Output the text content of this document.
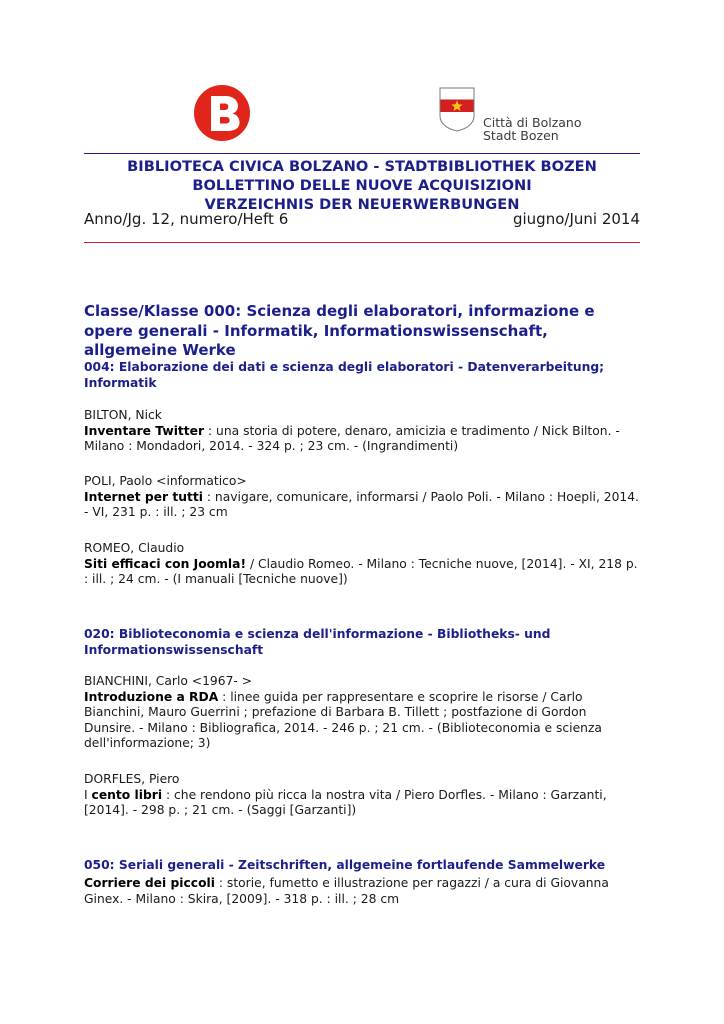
Città di Bolzano
Stadt Bozen
BIBLIOTECA CIVICA BOLZANO - STADTBIBLIOTHEK BOZEN
BOLLETTINO DELLE NUOVE ACQUISIZIONI
VERZEICHNIS DER NEUERWERBUNGEN
Anno/Jg. 12, numero/Heft 6	giugno/Juni 2014
Classe/Klasse 000: Scienza degli elaboratori, informazione e opere generali - Informatik, Informationswissenschaft, allgemeine Werke
004: Elaborazione dei dati e scienza degli elaboratori - Datenverarbeitung; Informatik
BILTON, Nick
Inventare Twitter : una storia di potere, denaro, amicizia e tradimento / Nick Bilton. - Milano : Mondadori, 2014. - 324 p. ; 23 cm. - (Ingrandimenti)
POLI, Paolo <informatico>
Internet per tutti : navigare, comunicare, informarsi / Paolo Poli. - Milano : Hoepli, 2014. - VI, 231 p. : ill. ; 23 cm
ROMEO, Claudio
Siti efficaci con Joomla! / Claudio Romeo. - Milano : Tecniche nuove, [2014]. - XI, 218 p. : ill. ; 24 cm. - (I manuali [Tecniche nuove])
020: Biblioteconomia e scienza dell'informazione - Bibliotheks- und Informationswissenschaft
BIANCHINI, Carlo <1967- >
Introduzione a RDA : linee guida per rappresentare e scoprire le risorse / Carlo Bianchini, Mauro Guerrini ; prefazione di Barbara B. Tillett ; postfazione di Gordon Dunsire. - Milano : Bibliografica, 2014. - 246 p. ; 21 cm. - (Biblioteconomia e scienza dell'informazione; 3)
DORFLES, Piero
I cento libri : che rendono più ricca la nostra vita / Piero Dorfles. - Milano : Garzanti, [2014]. - 298 p. ; 21 cm. - (Saggi [Garzanti])
050: Seriali generali - Zeitschriften, allgemeine fortlaufende Sammelwerke
Corriere dei piccoli : storie, fumetto e illustrazione per ragazzi / a cura di Giovanna Ginex. - Milano : Skira, [2009]. - 318 p. : ill. ; 28 cm
